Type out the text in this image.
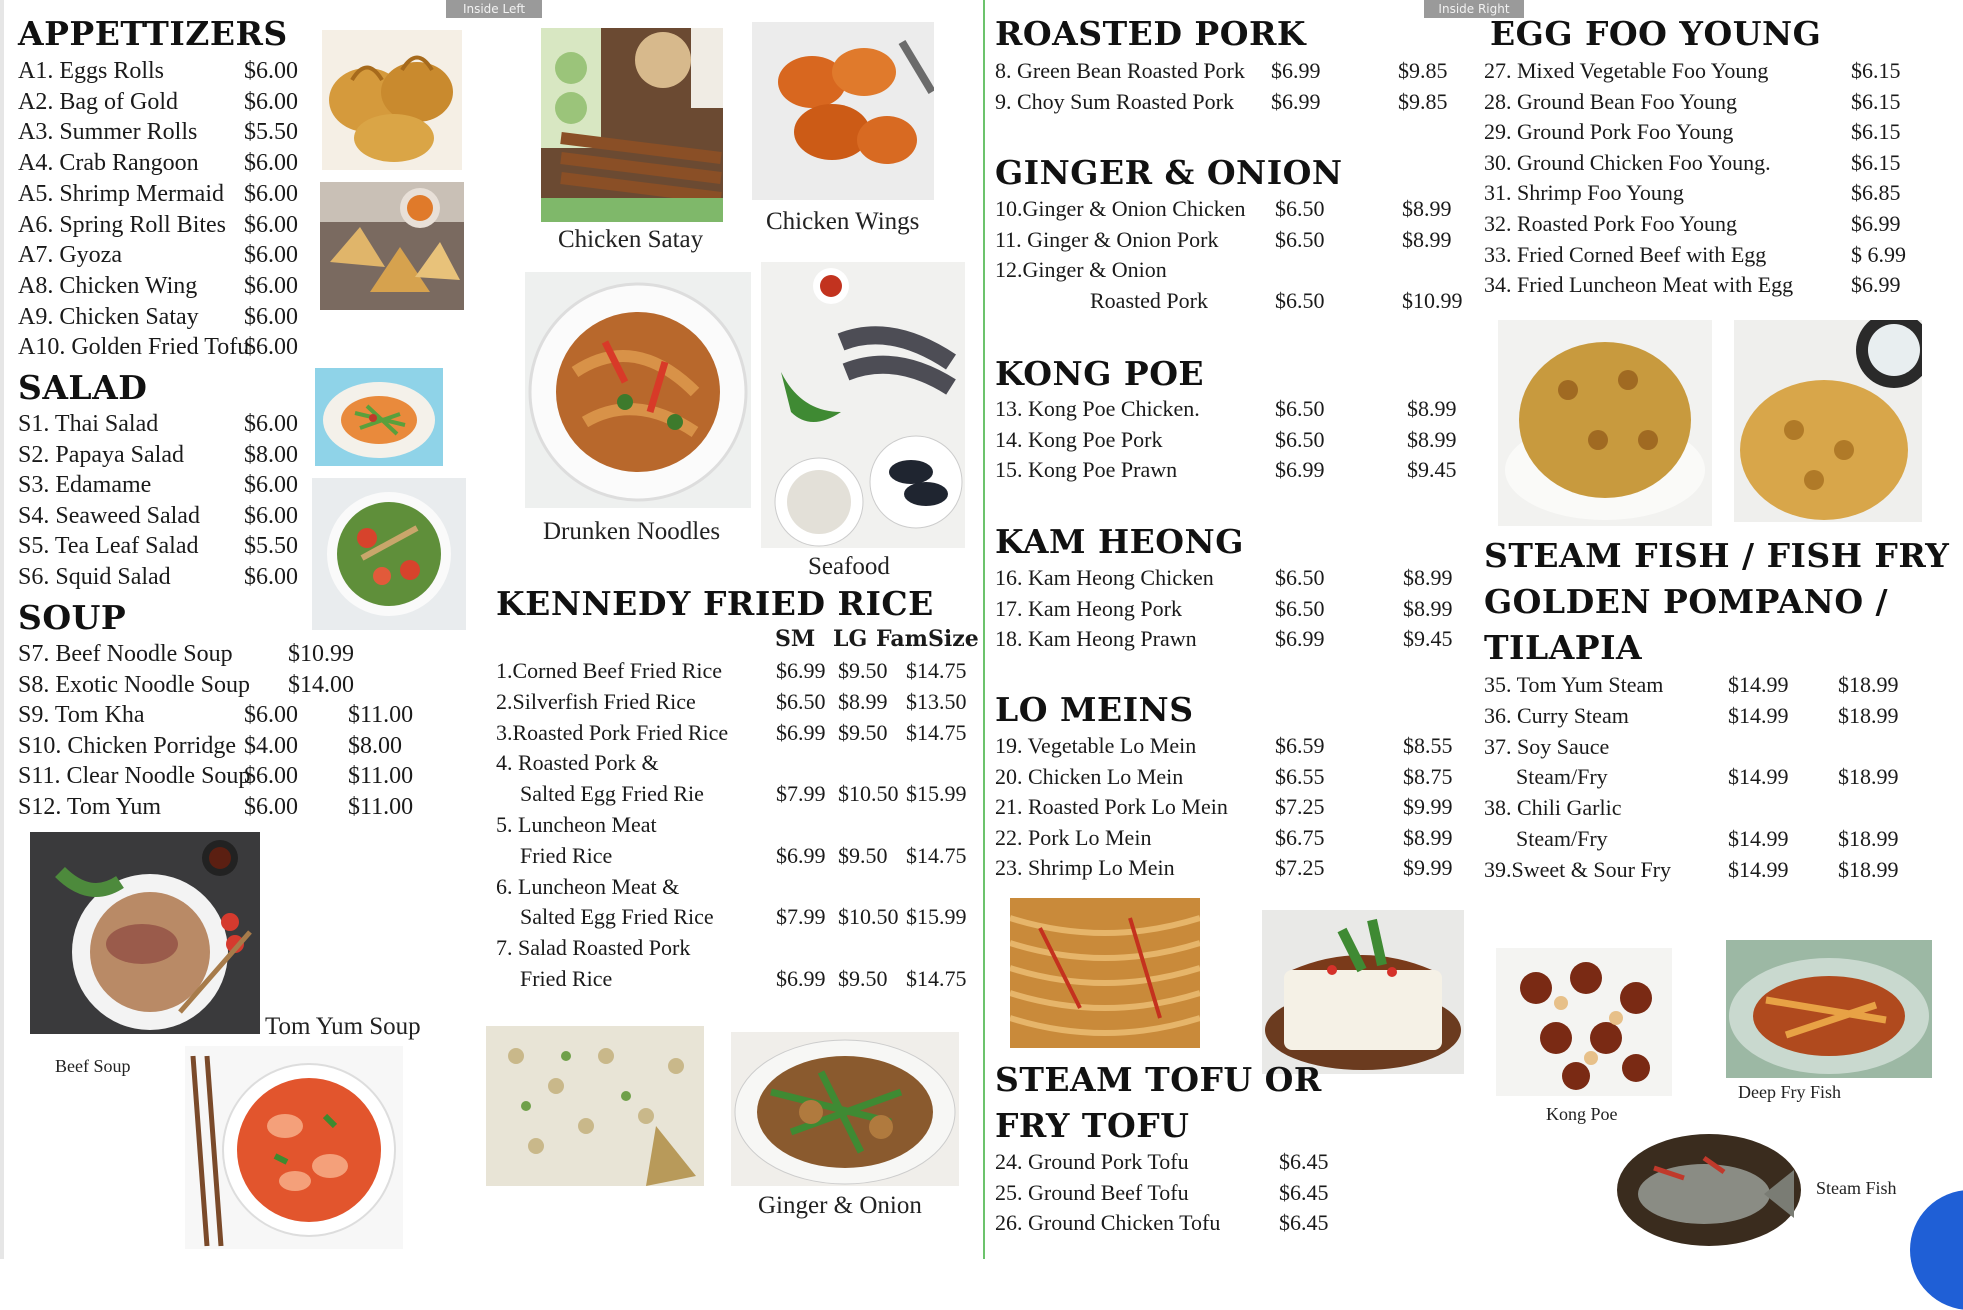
Inside Left	Inside Right
APPETTIZERS
A1. Eggs Rolls	$6.00
A2. Bag of Gold	$6.00
A3. Summer Rolls $5.50
A4. Crab Rangoon $6.00
A5. Shrimp Mermaid $6.00
A6. Spring Roll Bites $6.00
A7. Gyoza	$6.00
A8. Chicken Wing $6.00
A9. Chicken Satay $6.00
A10. Golden Fried Tofu
$6.00
SALAD
S1. Thai Salad	$6.00
S2. Papaya Salad	$8.00
S3. Edamame	$6.00
S4. Seaweed Salad $6.00
S5. Tea Leaf Salad $5.50
S6. Squid Salad	$6.00
SOUP
S7. Beef Noodle Soup $10.99
S8. Exotic Noodle Soup $14.00
S9. Tom Kha	$6.00 $11.00
S10. Chicken Porridge $4.00 $8.00
S11. Clear Noodle Soup
$6.00 $11.00
S12. Tom Yum	$6.00 $11.00
Tom Yum Soup
Beef Soup
Chicken Satay
Chicken Wings
Drunken Noodles
Seafood
KENNEDY FRIED RICE
SM LG FamSize
1.Corned Beef Fried Rice $6.99 $9.50 $14.75
2.Silverfish Fried Rice	$6.50 $8.99 $13.50
3.Roasted Pork Fried Rice $6.99 $9.50 $14.75
4. Roasted Pork &
Salted Egg Fried Rie	$7.99 $10.50 $15.99
5. Luncheon Meat
Fried Rice	$6.99 $9.50 $14.75
6. Luncheon Meat &
Salted Egg Fried Rice	$7.99 $10.50 $15.99
7. Salad Roasted Pork
Fried Rice	$6.99 $9.50 $14.75
Ginger & Onion
ROASTED PORK
8. Green Bean Roasted Pork $6.99	$9.85
9. Choy Sum Roasted Pork $6.99	$9.85
GINGER & ONION
10.Ginger & Onion Chicken $6.50	$8.99
11. Ginger & Onion Pork	$6.50	$8.99
12.Ginger & Onion
Roasted Pork	$6.50	$10.99
KONG POE
13. Kong Poe Chicken.	$6.50	$8.99
14. Kong Poe Pork	$6.50	$8.99
15. Kong Poe Prawn	$6.99	$9.45
KAM HEONG
16. Kam Heong Chicken	$6.50	$8.99
17. Kam Heong Pork	$6.50	$8.99
18. Kam Heong Prawn	$6.99	$9.45
LO MEINS
19. Vegetable Lo Mein	$6.59	$8.55
20. Chicken Lo Mein	$6.55	$8.75
21. Roasted Pork Lo Mein $7.25	$9.99
22. Pork Lo Mein	$6.75	$8.99
23. Shrimp Lo Mein	$7.25	$9.99
STEAM TOFU OR
FRY TOFU
24. Ground Pork Tofu	$6.45
25. Ground Beef Tofu	$6.45
26. Ground Chicken Tofu	$6.45
EGG FOO YOUNG
27. Mixed Vegetable Foo Young	$6.15
28. Ground Bean Foo Young	$6.15
29. Ground Pork Foo Young	$6.15
30. Ground Chicken Foo Young.	$6.15
31. Shrimp Foo Young	$6.85
32. Roasted Pork Foo Young	$6.99
33. Fried Corned Beef with Egg	$ 6.99
34. Fried Luncheon Meat with Egg	$6.99
STEAM FISH / FISH FRY
GOLDEN POMPANO /
TILAPIA
35. Tom Yum Steam	$14.99 $18.99
36. Curry Steam	$14.99 $18.99
37. Soy Sauce
Steam/Fry	$14.99 $18.99
38. Chili Garlic
Steam/Fry	$14.99 $18.99
39.Sweet & Sour Fry	$14.99 $18.99
Kong Poe
Deep Fry Fish
Steam Fish
